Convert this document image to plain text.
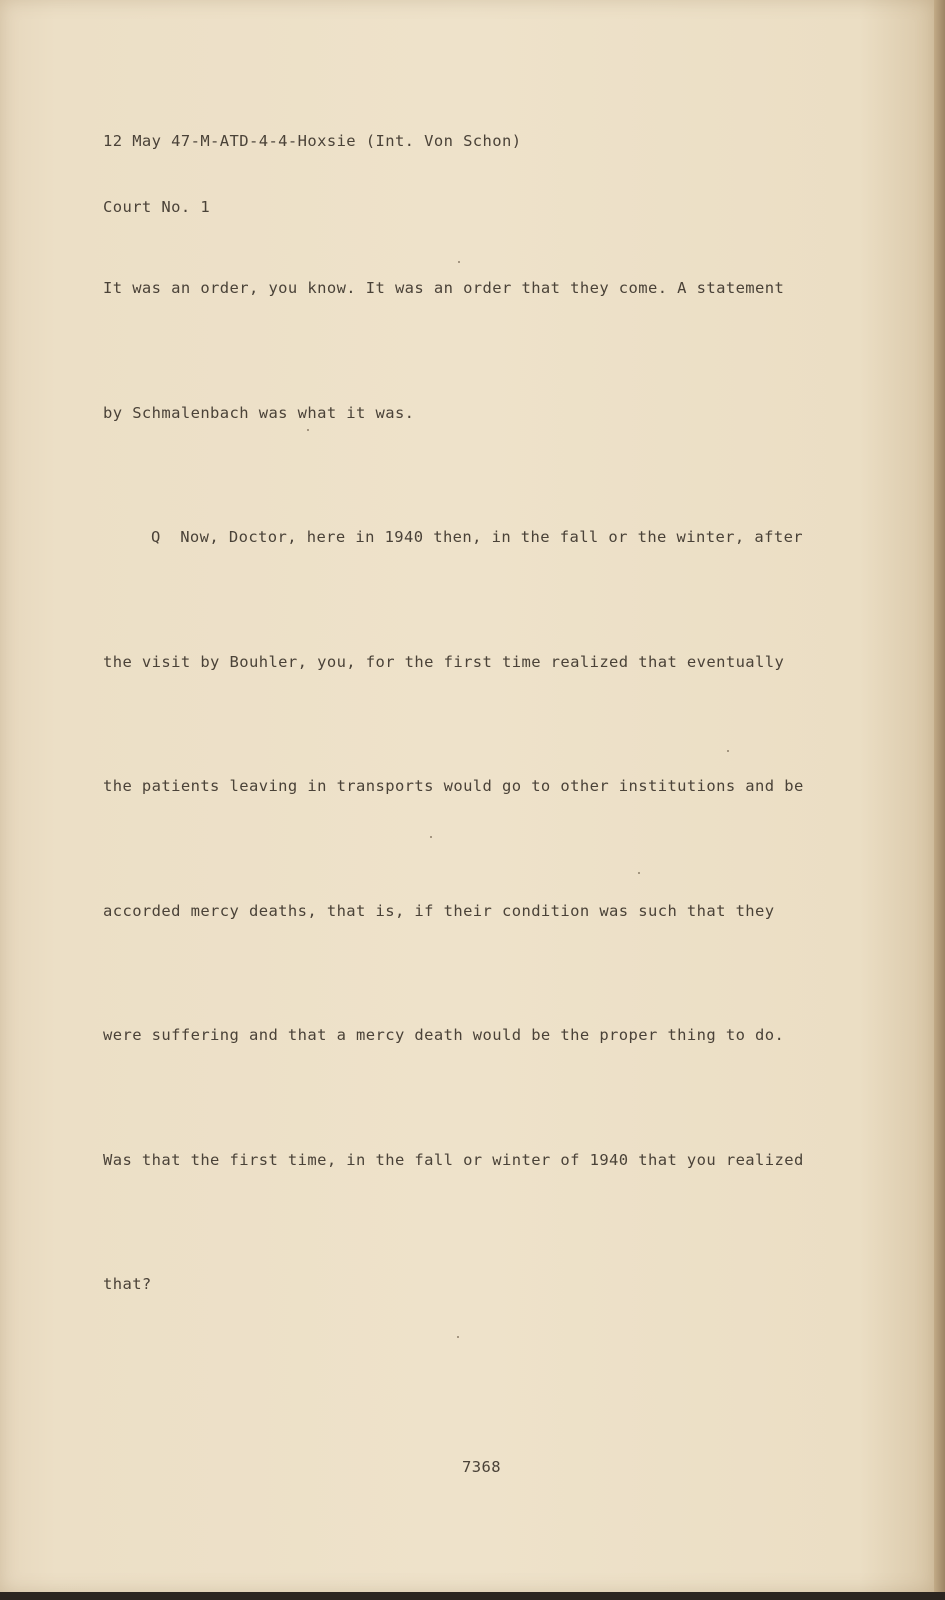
12 May 47-M-ATD-4-4-Hoxsie (Int. Von Schon)

Court No. 1

It was an order, you know. It was an order that they come. A statement

by Schmalenbach was what it was.

Q  Now, Doctor, here in 1940 then, in the fall or the winter, after

the visit by Bouhler, you, for the first time realized that eventually

the patients leaving in transports would go to other institutions and be

accorded mercy deaths, that is, if their condition was such that they

were suffering and that a mercy death would be the proper thing to do.

Was that the first time, in the fall or winter of 1940 that you realized

that?

7368
